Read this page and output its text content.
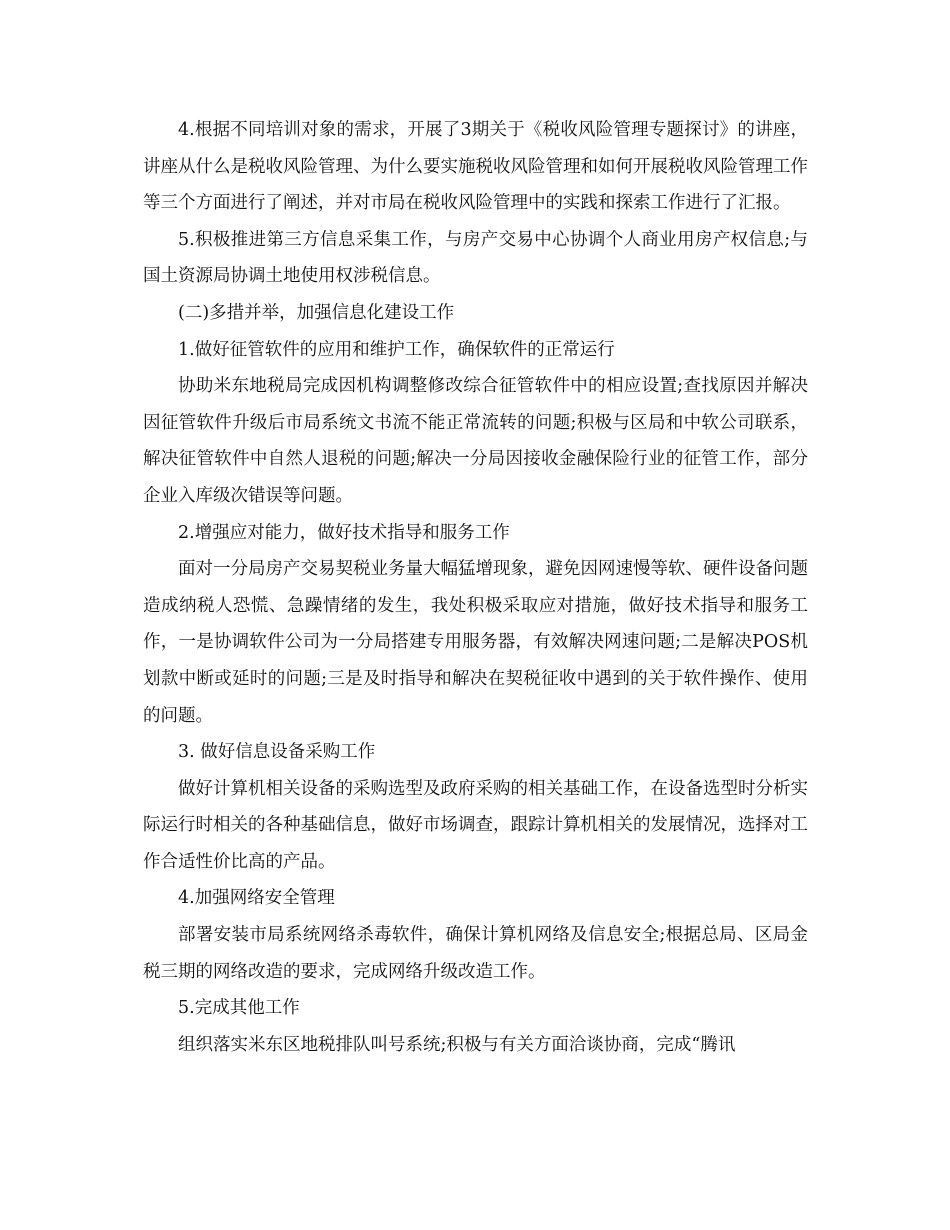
4.根据不同培训对象的需求，开展了3期关于《税收风险管理专题探讨》的讲座，讲座从什么是税收风险管理、为什么要实施税收风险管理和如何开展税收风险管理工作等三个方面进行了阐述，并对市局在税收风险管理中的实践和探索工作进行了汇报。

5.积极推进第三方信息采集工作，与房产交易中心协调个人商业用房产权信息;与国土资源局协调土地使用权涉税信息。

(二)多措并举，加强信息化建设工作

1.做好征管软件的应用和维护工作，确保软件的正常运行

协助米东地税局完成因机构调整修改综合征管软件中的相应设置;查找原因并解决因征管软件升级后市局系统文书流不能正常流转的问题;积极与区局和中软公司联系，解决征管软件中自然人退税的问题;解决一分局因接收金融保险行业的征管工作，部分企业入库级次错误等问题。

2.增强应对能力，做好技术指导和服务工作

面对一分局房产交易契税业务量大幅猛增现象，避免因网速慢等软、硬件设备问题造成纳税人恐慌、急躁情绪的发生，我处积极采取应对措施，做好技术指导和服务工作，一是协调软件公司为一分局搭建专用服务器，有效解决网速问题;二是解决POS机划款中断或延时的问题;三是及时指导和解决在契税征收中遇到的关于软件操作、使用的问题。

3. 做好信息设备采购工作

做好计算机相关设备的采购选型及政府采购的相关基础工作，在设备选型时分析实际运行时相关的各种基础信息，做好市场调查，跟踪计算机相关的发展情况，选择对工作合适性价比高的产品。

4.加强网络安全管理

部署安装市局系统网络杀毒软件，确保计算机网络及信息安全;根据总局、区局金税三期的网络改造的要求，完成网络升级改造工作。

5.完成其他工作

组织落实米东区地税排队叫号系统;积极与有关方面洽谈协商，完成“腾讯
